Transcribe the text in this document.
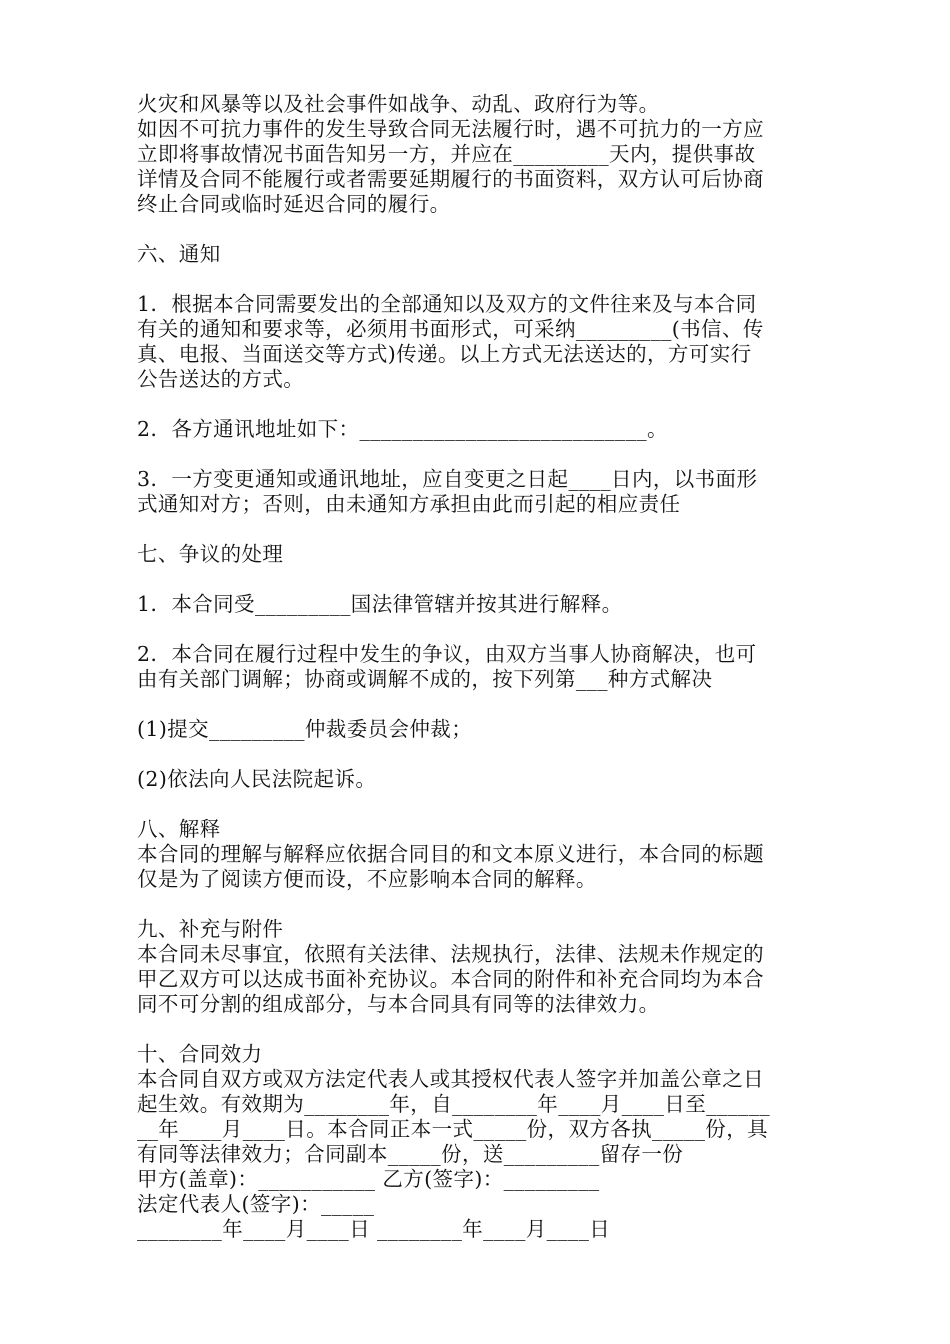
火灾和风暴等以及社会事件如战争、动乱、政府行为等。
如因不可抗力事件的发生导致合同无法履行时，遇不可抗力的一方应
立即将事故情况书面告知另一方，并应在_________天内，提供事故
详情及合同不能履行或者需要延期履行的书面资料，双方认可后协商
终止合同或临时延迟合同的履行。
六、通知
1．根据本合同需要发出的全部通知以及双方的文件往来及与本合同
有关的通知和要求等，必须用书面形式，可采纳_________(书信、传
真、电报、当面送交等方式)传递。以上方式无法送达的，方可实行
公告送达的方式。
2．各方通讯地址如下：___________________________。
3．一方变更通知或通讯地址，应自变更之日起____日内，以书面形
式通知对方；否则，由未通知方承担由此而引起的相应责任
七、争议的处理
1．本合同受_________国法律管辖并按其进行解释。
2．本合同在履行过程中发生的争议，由双方当事人协商解决，也可
由有关部门调解；协商或调解不成的，按下列第___种方式解决
(1)提交_________仲裁委员会仲裁；
(2)依法向人民法院起诉。
八、解释
本合同的理解与解释应依据合同目的和文本原义进行，本合同的标题
仅是为了阅读方便而设，不应影响本合同的解释。
九、补充与附件
本合同未尽事宜，依照有关法律、法规执行，法律、法规未作规定的
甲乙双方可以达成书面补充协议。本合同的附件和补充合同均为本合
同不可分割的组成部分，与本合同具有同等的法律效力。
十、合同效力
本合同自双方或双方法定代表人或其授权代表人签字并加盖公章之日
起生效。有效期为________年，自________年____月____日至______
__年____月____日。本合同正本一式_____份，双方各执_____份，具
有同等法律效力；合同副本_____份，送_________留存一份
甲方(盖章)：___________ 乙方(签字)：_________
法定代表人(签字)：_____
________年____月____日 ________年____月____日
